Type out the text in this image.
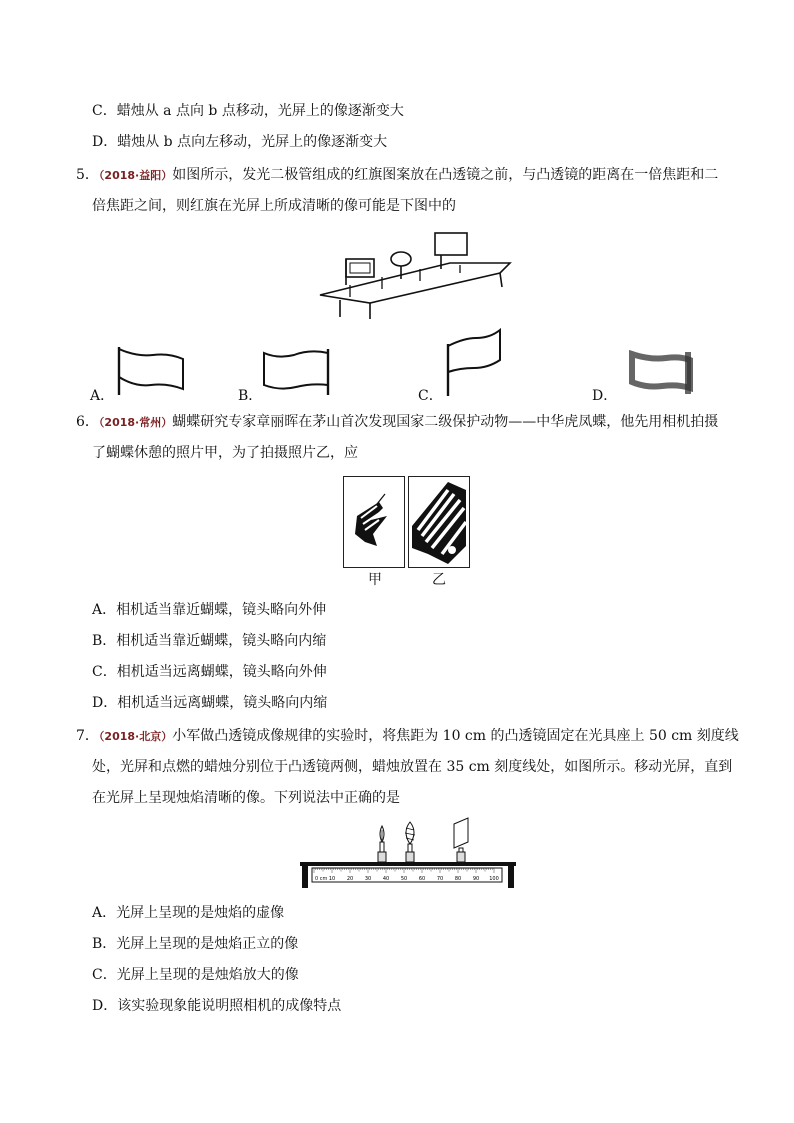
C．蜡烛从 a 点向 b 点移动，光屏上的像逐渐变大
D．蜡烛从 b 点向左移动，光屏上的像逐渐变大
5．（2018·益阳）如图所示，发光二极管组成的红旗图案放在凸透镜之前，与凸透镜的距离在一倍焦距和二
倍焦距之间，则红旗在光屏上所成清晰的像可能是下图中的
A．	B．	C．	D．
6．（2018·常州）蝴蝶研究专家章丽晖在茅山首次发现国家二级保护动物——中华虎凤蝶，他先用相机拍摄
了蝴蝶休憩的照片甲，为了拍摄照片乙，应
甲	乙
A．相机适当靠近蝴蝶，镜头略向外伸
B．相机适当靠近蝴蝶，镜头略向内缩
C．相机适当远离蝴蝶，镜头略向外伸
D．相机适当远离蝴蝶，镜头略向内缩
7．（2018·北京）小军做凸透镜成像规律的实验时，将焦距为 10 cm 的凸透镜固定在光具座上 50 cm 刻度线
处，光屏和点燃的蜡烛分别位于凸透镜两侧，蜡烛放置在 35 cm 刻度线处，如图所示。移动光屏，直到
在光屏上呈现烛焰清晰的像。下列说法中正确的是
0 cm 10 20 30 40 50 60 70 80 90 100
A．光屏上呈现的是烛焰的虚像
B．光屏上呈现的是烛焰正立的像
C．光屏上呈现的是烛焰放大的像
D．该实验现象能说明照相机的成像特点
